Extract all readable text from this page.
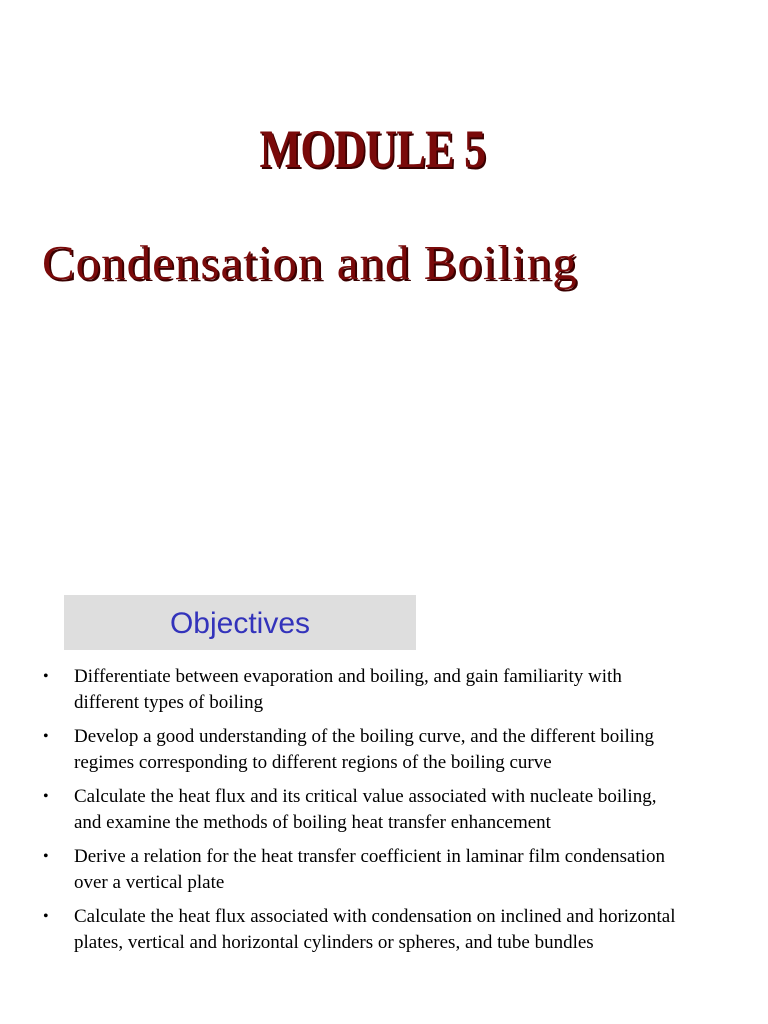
MODULE 5
Condensation and Boiling
Objectives
• Differentiate between evaporation and boiling, and gain familiarity with different types of boiling
• Develop a good understanding of the boiling curve, and the different boiling regimes corresponding to different regions of the boiling curve
• Calculate the heat flux and its critical value associated with nucleate boiling, and examine the methods of boiling heat transfer enhancement
• Derive a relation for the heat transfer coefficient in laminar film condensation over a vertical plate
• Calculate the heat flux associated with condensation on inclined and horizontal plates, vertical and horizontal cylinders or spheres, and tube bundles
